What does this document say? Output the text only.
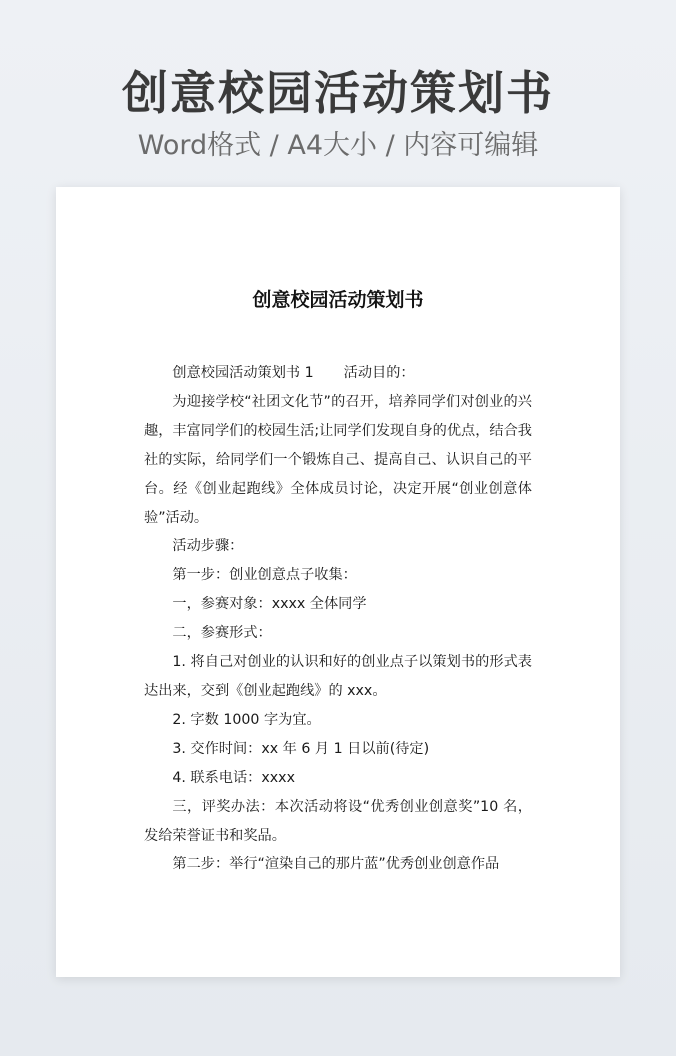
创意校园活动策划书
Word格式 / A4大小 / 内容可编辑
创意校园活动策划书

创意校园活动策划书 1 活动目的：

为迎接学校“社团文化节”的召开，培养同学们对创业的兴趣，丰富同学们的校园生活;让同学们发现自身的优点，结合我社的实际，给同学们一个锻炼自己、提高自己、认识自己的平台。经《创业起跑线》全体成员讨论，决定开展“创业创意体验”活动。

活动步骤：

第一步：创业创意点子收集：

一，参赛对象：xxxx 全体同学

二，参赛形式：

1. 将自己对创业的认识和好的创业点子以策划书的形式表达出来，交到《创业起跑线》的 xxx。

2. 字数 1000 字为宜。

3. 交作时间：xx 年 6 月 1 日以前(待定)

4. 联系电话：xxxx

三，评奖办法：本次活动将设“优秀创业创意奖”10 名，发给荣誉证书和奖品。

第二步：举行“渲染自己的那片蓝”优秀创业创意作品
